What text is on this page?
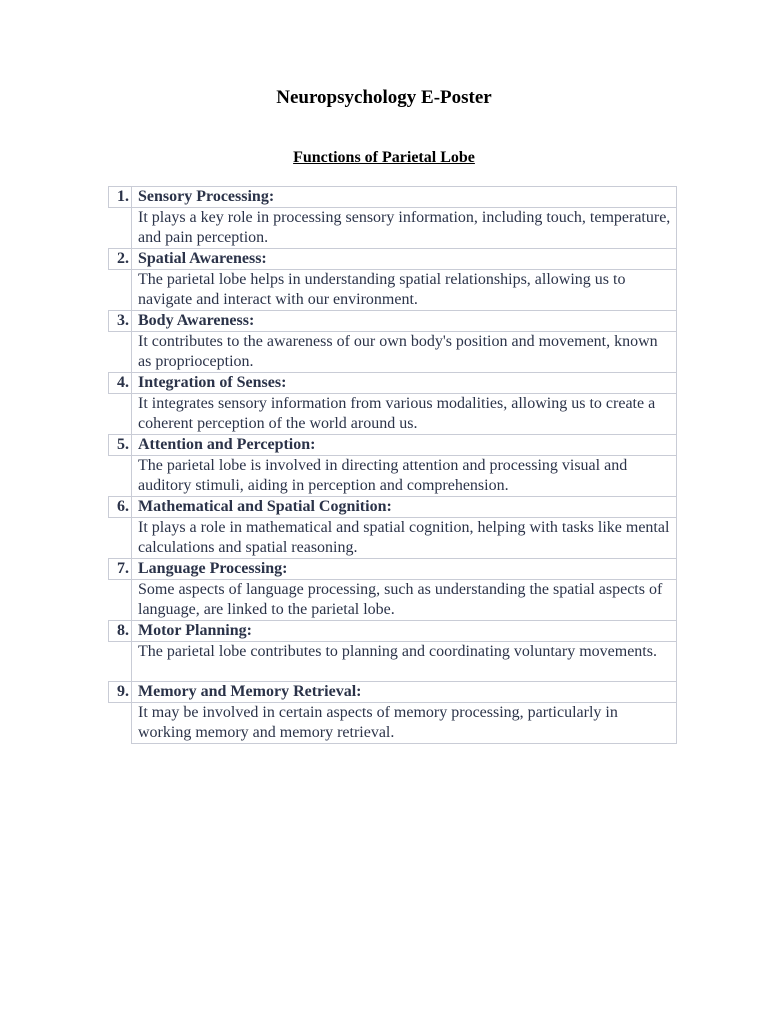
Neuropsychology E-Poster
Functions of Parietal Lobe
1.	Sensory Processing:
	It plays a key role in processing sensory information, including touch, temperature, and pain perception.
2.	Spatial Awareness:
	The parietal lobe helps in understanding spatial relationships, allowing us to navigate and interact with our environment.
3.	Body Awareness:
	It contributes to the awareness of our own body's position and movement, known as proprioception.
4.	Integration of Senses:
	It integrates sensory information from various modalities, allowing us to create a coherent perception of the world around us.
5.	Attention and Perception:
	The parietal lobe is involved in directing attention and processing visual and auditory stimuli, aiding in perception and comprehension.
6.	Mathematical and Spatial Cognition:
	It plays a role in mathematical and spatial cognition, helping with tasks like mental calculations and spatial reasoning.
7.	Language Processing:
	Some aspects of language processing, such as understanding the spatial aspects of language, are linked to the parietal lobe.
8.	Motor Planning:
	The parietal lobe contributes to planning and coordinating voluntary movements.
9.	Memory and Memory Retrieval:
	It may be involved in certain aspects of memory processing, particularly in working memory and memory retrieval.
